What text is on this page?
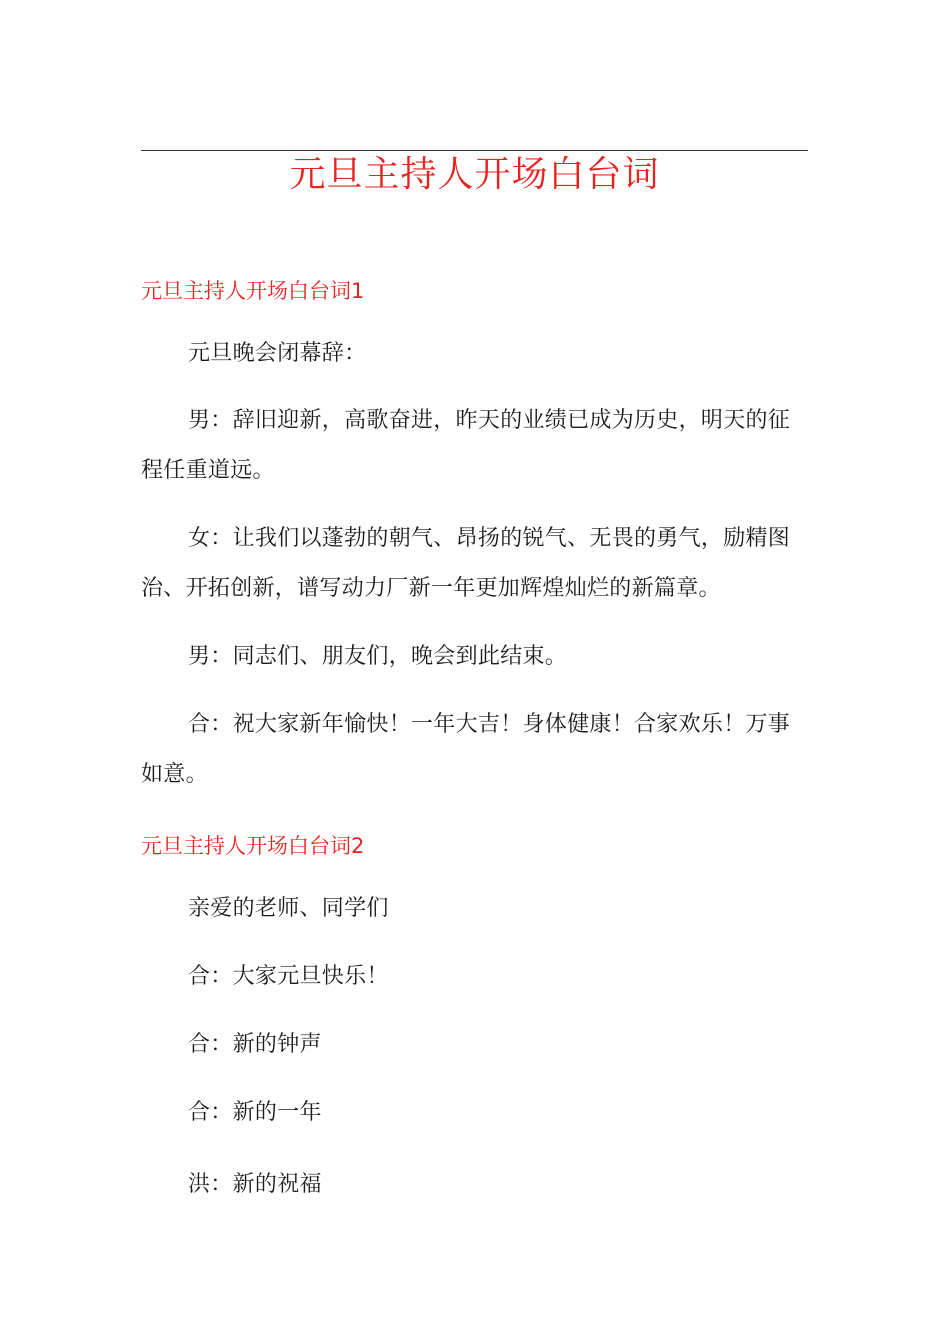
元旦主持人开场白台词
元旦主持人开场白台词1

元旦晚会闭幕辞：

男：辞旧迎新，高歌奋进，昨天的业绩已成为历史，明天的征程任重道远。

女：让我们以蓬勃的朝气、昂扬的锐气、无畏的勇气，励精图治、开拓创新，谱写动力厂新一年更加辉煌灿烂的新篇章。

男：同志们、朋友们，晚会到此结束。

合：祝大家新年愉快！一年大吉！身体健康！合家欢乐！万事如意。

元旦主持人开场白台词2

亲爱的老师、同学们

合：大家元旦快乐！

合：新的钟声

合：新的一年

洪：新的祝福
